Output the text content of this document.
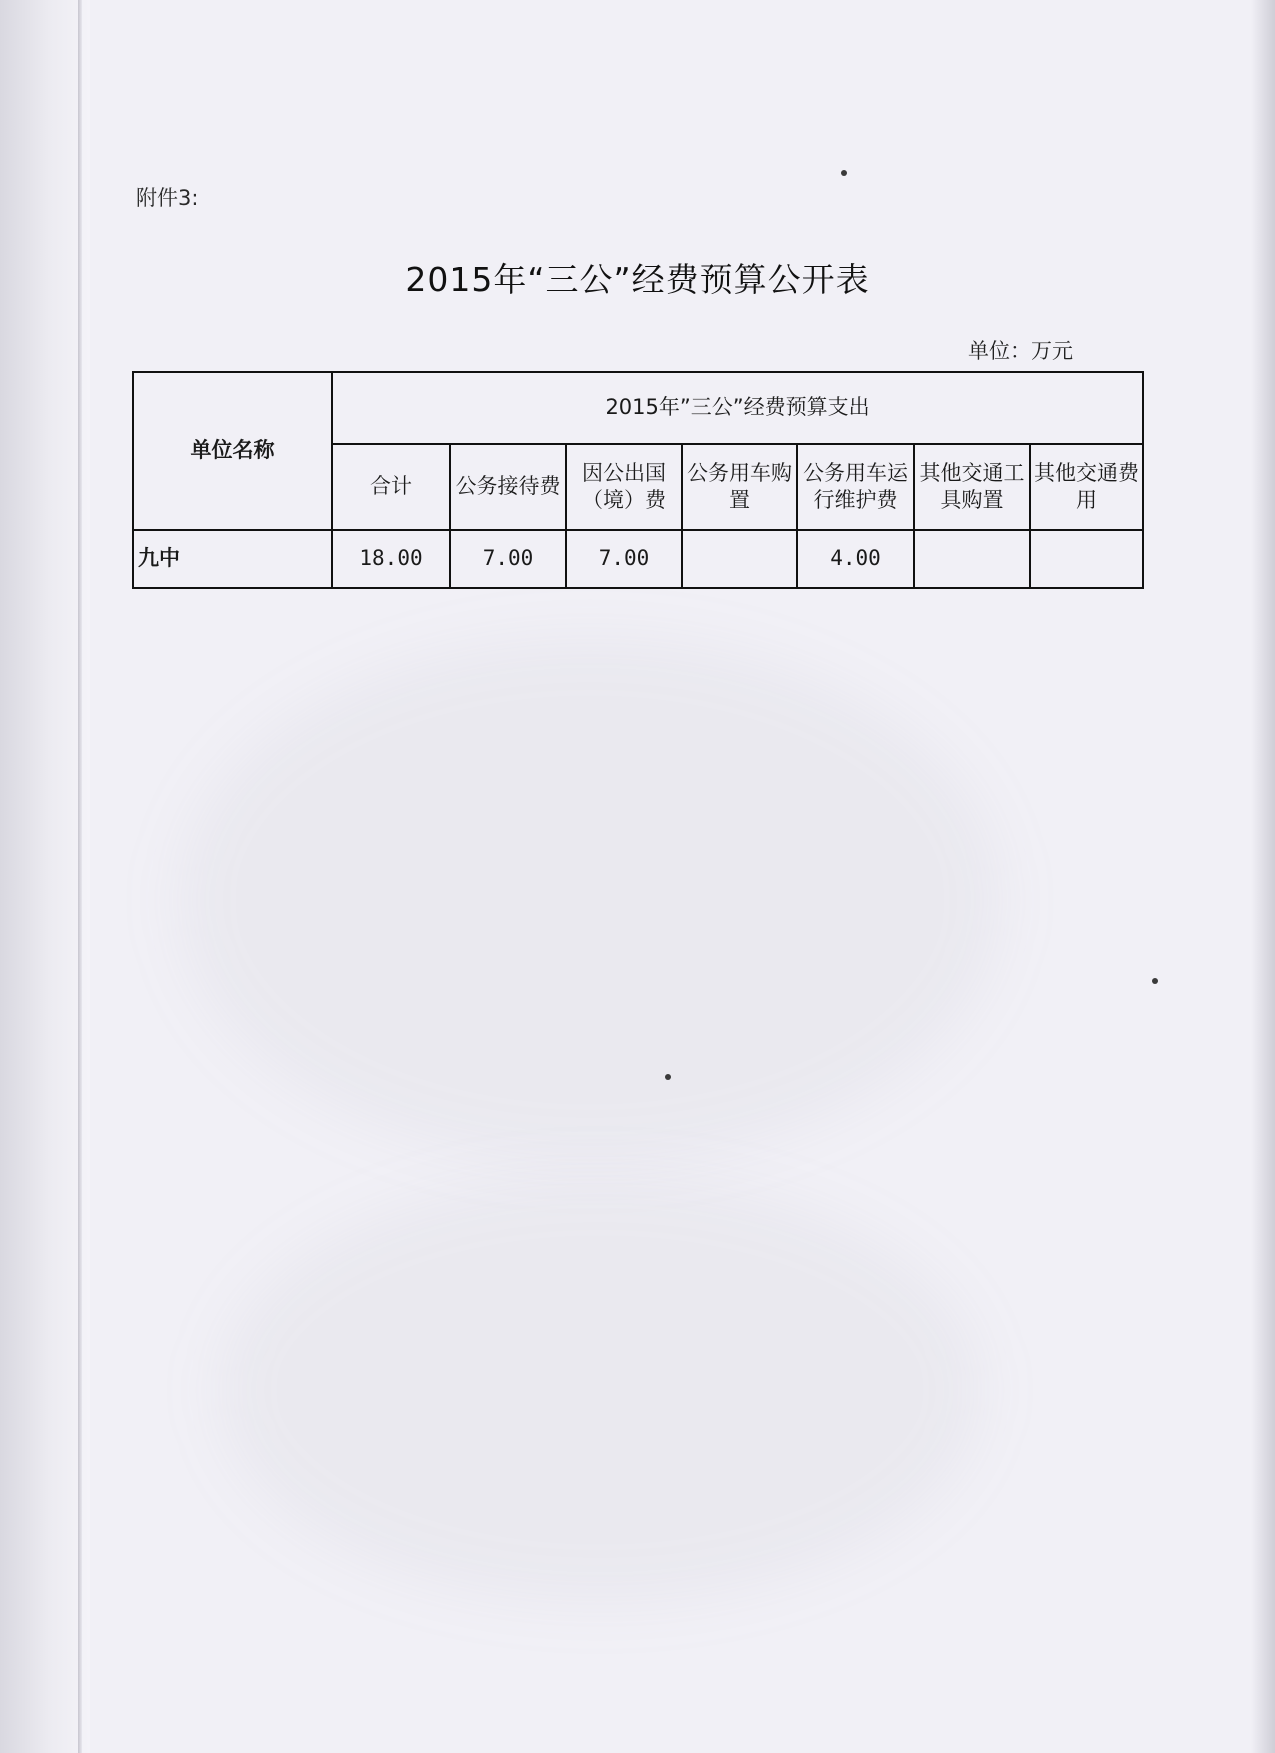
附件3:
2015年“三公”经费预算公开表
单位：万元
单位名称	2015年”三公”经费预算支出						
	合计	公务接待费	因公出国（境）费	公务用车购置	公务用车运行维护费	其他交通工具购置	其他交通费用
九中	18.00	7.00	7.00		4.00		
